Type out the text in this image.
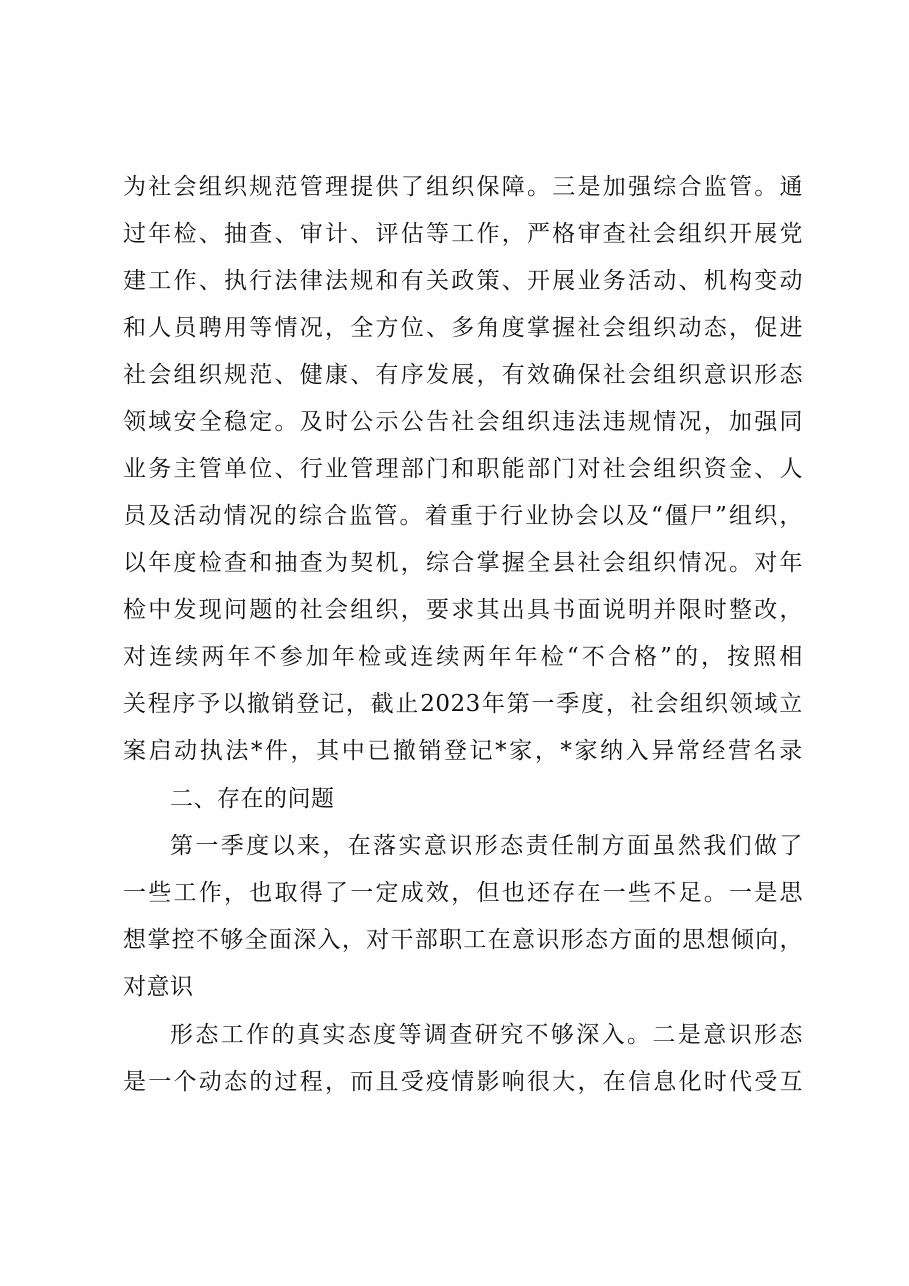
为 社 会 组 织 规 范 管 理 提 供 了 组 织 保 障 。 三 是 加 强 综 合 监 管 。 通
过 年 检 、 抽 查 、 审 计 、 评 估 等 工 作 ， 严 格 审 查 社 会 组 织 开 展 党
建 工 作 、 执 行 法 律 法 规 和 有 关 政 策 、 开 展 业 务 活 动 、 机 构 变 动
和 人 员 聘 用 等 情 况 ， 全 方 位 、 多 角 度 掌 握 社 会 组 织 动 态 ， 促 进
社 会 组 织 规 范 、 健 康 、 有 序 发 展 ， 有 效 确 保 社 会 组 织 意 识 形 态
领 域 安 全 稳 定 。 及 时 公 示 公 告 社 会 组 织 违 法 违 规 情 况 ， 加 强 同
业 务 主 管 单 位 、 行 业 管 理 部 门 和 职 能 部 门 对 社 会 组 织 资 金 、 人
员 及 活 动 情 况 的 综 合 监 管 。 着 重 于 行 业 协 会 以 及 “ 僵 尸 ” 组 织 ，
以 年 度 检 查 和 抽 查 为 契 机 ， 综 合 掌 握 全 县 社 会 组 织 情 况 。 对 年
检 中 发 现 问 题 的 社 会 组 织 ， 要 求 其 出 具 书 面 说 明 并 限 时 整 改 ，
对 连 续 两 年 不 参 加 年 检 或 连 续 两 年 年 检 “ 不 合 格 ” 的 ， 按 照 相
关 程 序 予 以 撤 销 登 记 ， 截 止 2023 年 第 一 季 度 ， 社 会 组 织 领 域 立
案 启 动 执 法 * 件 ， 其 中 已 撤 销 登 记 * 家 ， * 家 纳 入 异 常 经 营 名 录
二、存在的问题
第 一 季 度 以 来 ， 在 落 实 意 识 形 态 责 任 制 方 面 虽 然 我 们 做 了
一 些 工 作 ， 也 取 得 了 一 定 成 效 ， 但 也 还 存 在 一 些 不 足 。 一 是 思
想 掌 控 不 够 全 面 深 入 ， 对 干 部 职 工 在 意 识 形 态 方 面 的 思 想 倾 向 ，
对意识
形 态 工 作 的 真 实 态 度 等 调 查 研 究 不 够 深 入 。 二 是 意 识 形 态
是 一 个 动 态 的 过 程 ， 而 且 受 疫 情 影 响 很 大 ， 在 信 息 化 时 代 受 互
